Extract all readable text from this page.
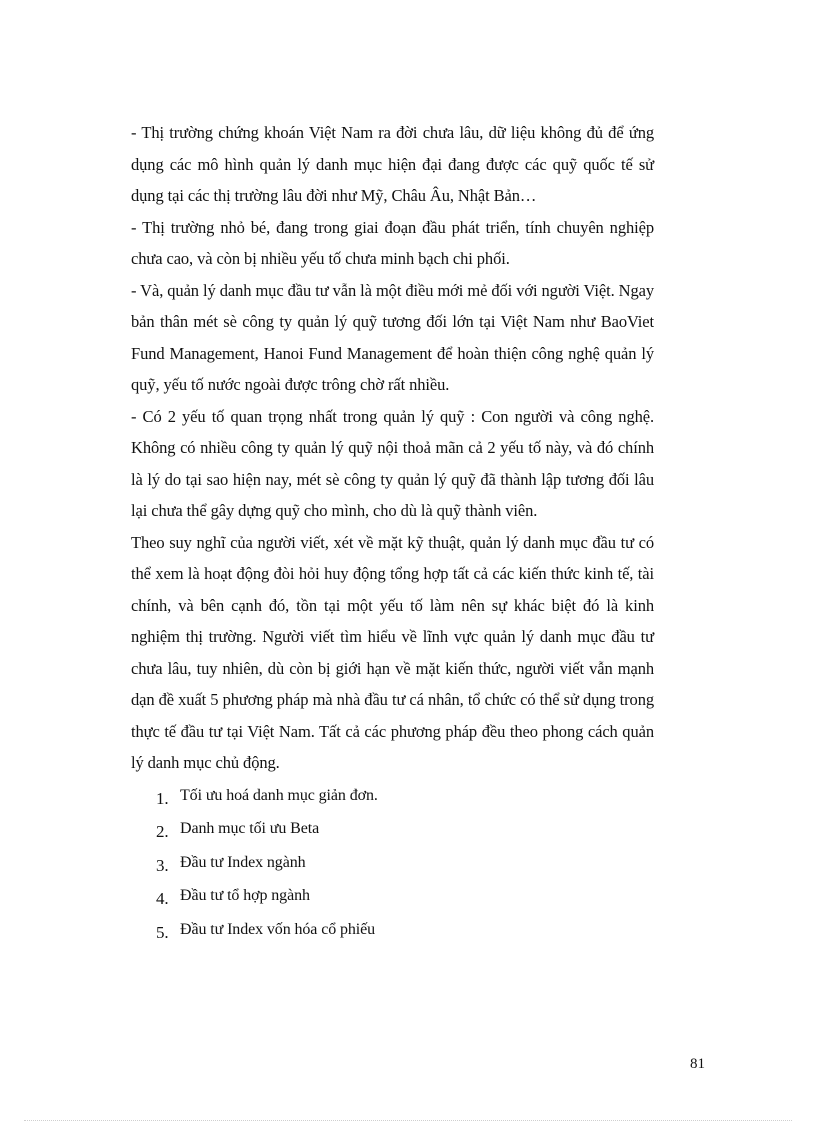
- Thị trường chứng khoán Việt Nam ra đời chưa lâu, dữ liệu không đủ để ứng dụng các mô hình quản lý danh mục hiện đại đang được các quỹ quốc tế sử dụng tại các thị trường lâu đời như Mỹ, Châu Âu, Nhật Bản…

- Thị trường nhỏ bé, đang trong giai đoạn đầu phát triển, tính chuyên nghiệp chưa cao, và còn bị nhiều yếu tố chưa minh bạch chi phối.

- Và, quản lý danh mục đầu tư vẫn là một điều mới mẻ đối với người Việt. Ngay bản thân mét sè công ty quản lý quỹ tương đối lớn tại Việt Nam như BaoViet Fund Management, Hanoi Fund Management để hoàn thiện công nghệ quản lý quỹ, yếu tố nước ngoài được trông chờ rất nhiều.

- Có 2 yếu tố quan trọng nhất trong quản lý quỹ : Con người và công nghệ. Không có nhiều công ty quản lý quỹ nội thoả mãn cả 2 yếu tố này, và đó chính là lý do tại sao hiện nay, mét sè công ty quản lý quỹ đã thành lập tương đối lâu lại chưa thể gây dựng quỹ cho mình, cho dù là quỹ thành viên.

Theo suy nghĩ của người viết, xét về mặt kỹ thuật, quản lý danh mục đầu tư có thể xem là hoạt động đòi hỏi huy động tổng hợp tất cả các kiến thức kinh tế, tài chính, và bên cạnh đó, tồn tại một yếu tố làm nên sự khác biệt đó là kinh nghiệm thị trường. Người viết tìm hiểu về lĩnh vực quản lý danh mục đầu tư chưa lâu, tuy nhiên, dù còn bị giới hạn về mặt kiến thức, người viết vẫn mạnh dạn đề xuất 5 phương pháp mà nhà đầu tư cá nhân, tổ chức có thể sử dụng trong thực tế đầu tư tại Việt Nam. Tất cả các phương pháp đều theo phong cách quản lý danh mục chủ động.

1. Tối ưu hoá danh mục giản đơn.
2. Danh mục tối ưu Beta
3. Đầu tư Index ngành
4. Đầu tư tổ hợp ngành
5. Đầu tư Index vốn hóa cổ phiếu
81
